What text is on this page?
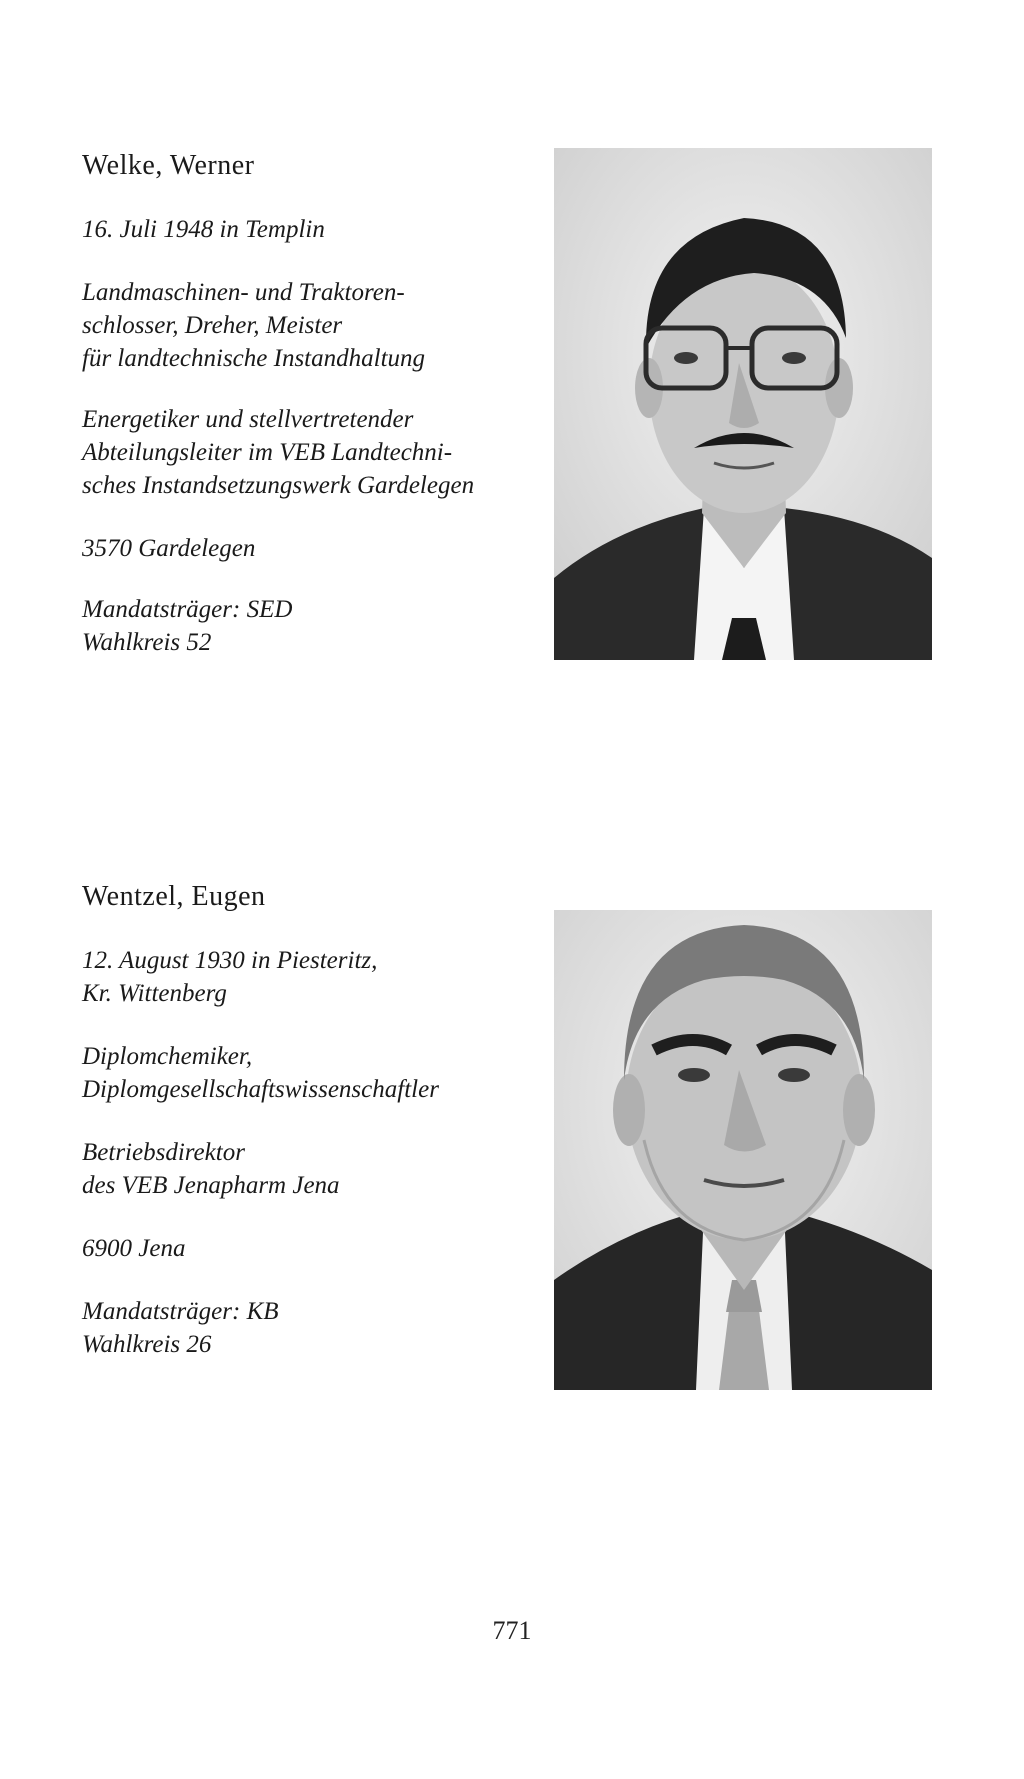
Welke, Werner

16. Juli 1948 in Templin

Landmaschinen- und Traktoren-
schlosser, Dreher, Meister
für landtechnische Instandhaltung

Energetiker und stellvertretender
Abteilungsleiter im VEB Landtechni-
sches Instandsetzungswerk Gardelegen

3570 Gardelegen

Mandatsträger: SED
Wahlkreis 52

Wentzel, Eugen

12. August 1930 in Piesteritz,
Kr. Wittenberg

Diplomchemiker,
Diplomgesellschaftswissenschaftler

Betriebsdirektor
des VEB Jenapharm Jena

6900 Jena

Mandatsträger: KB
Wahlkreis 26

771
